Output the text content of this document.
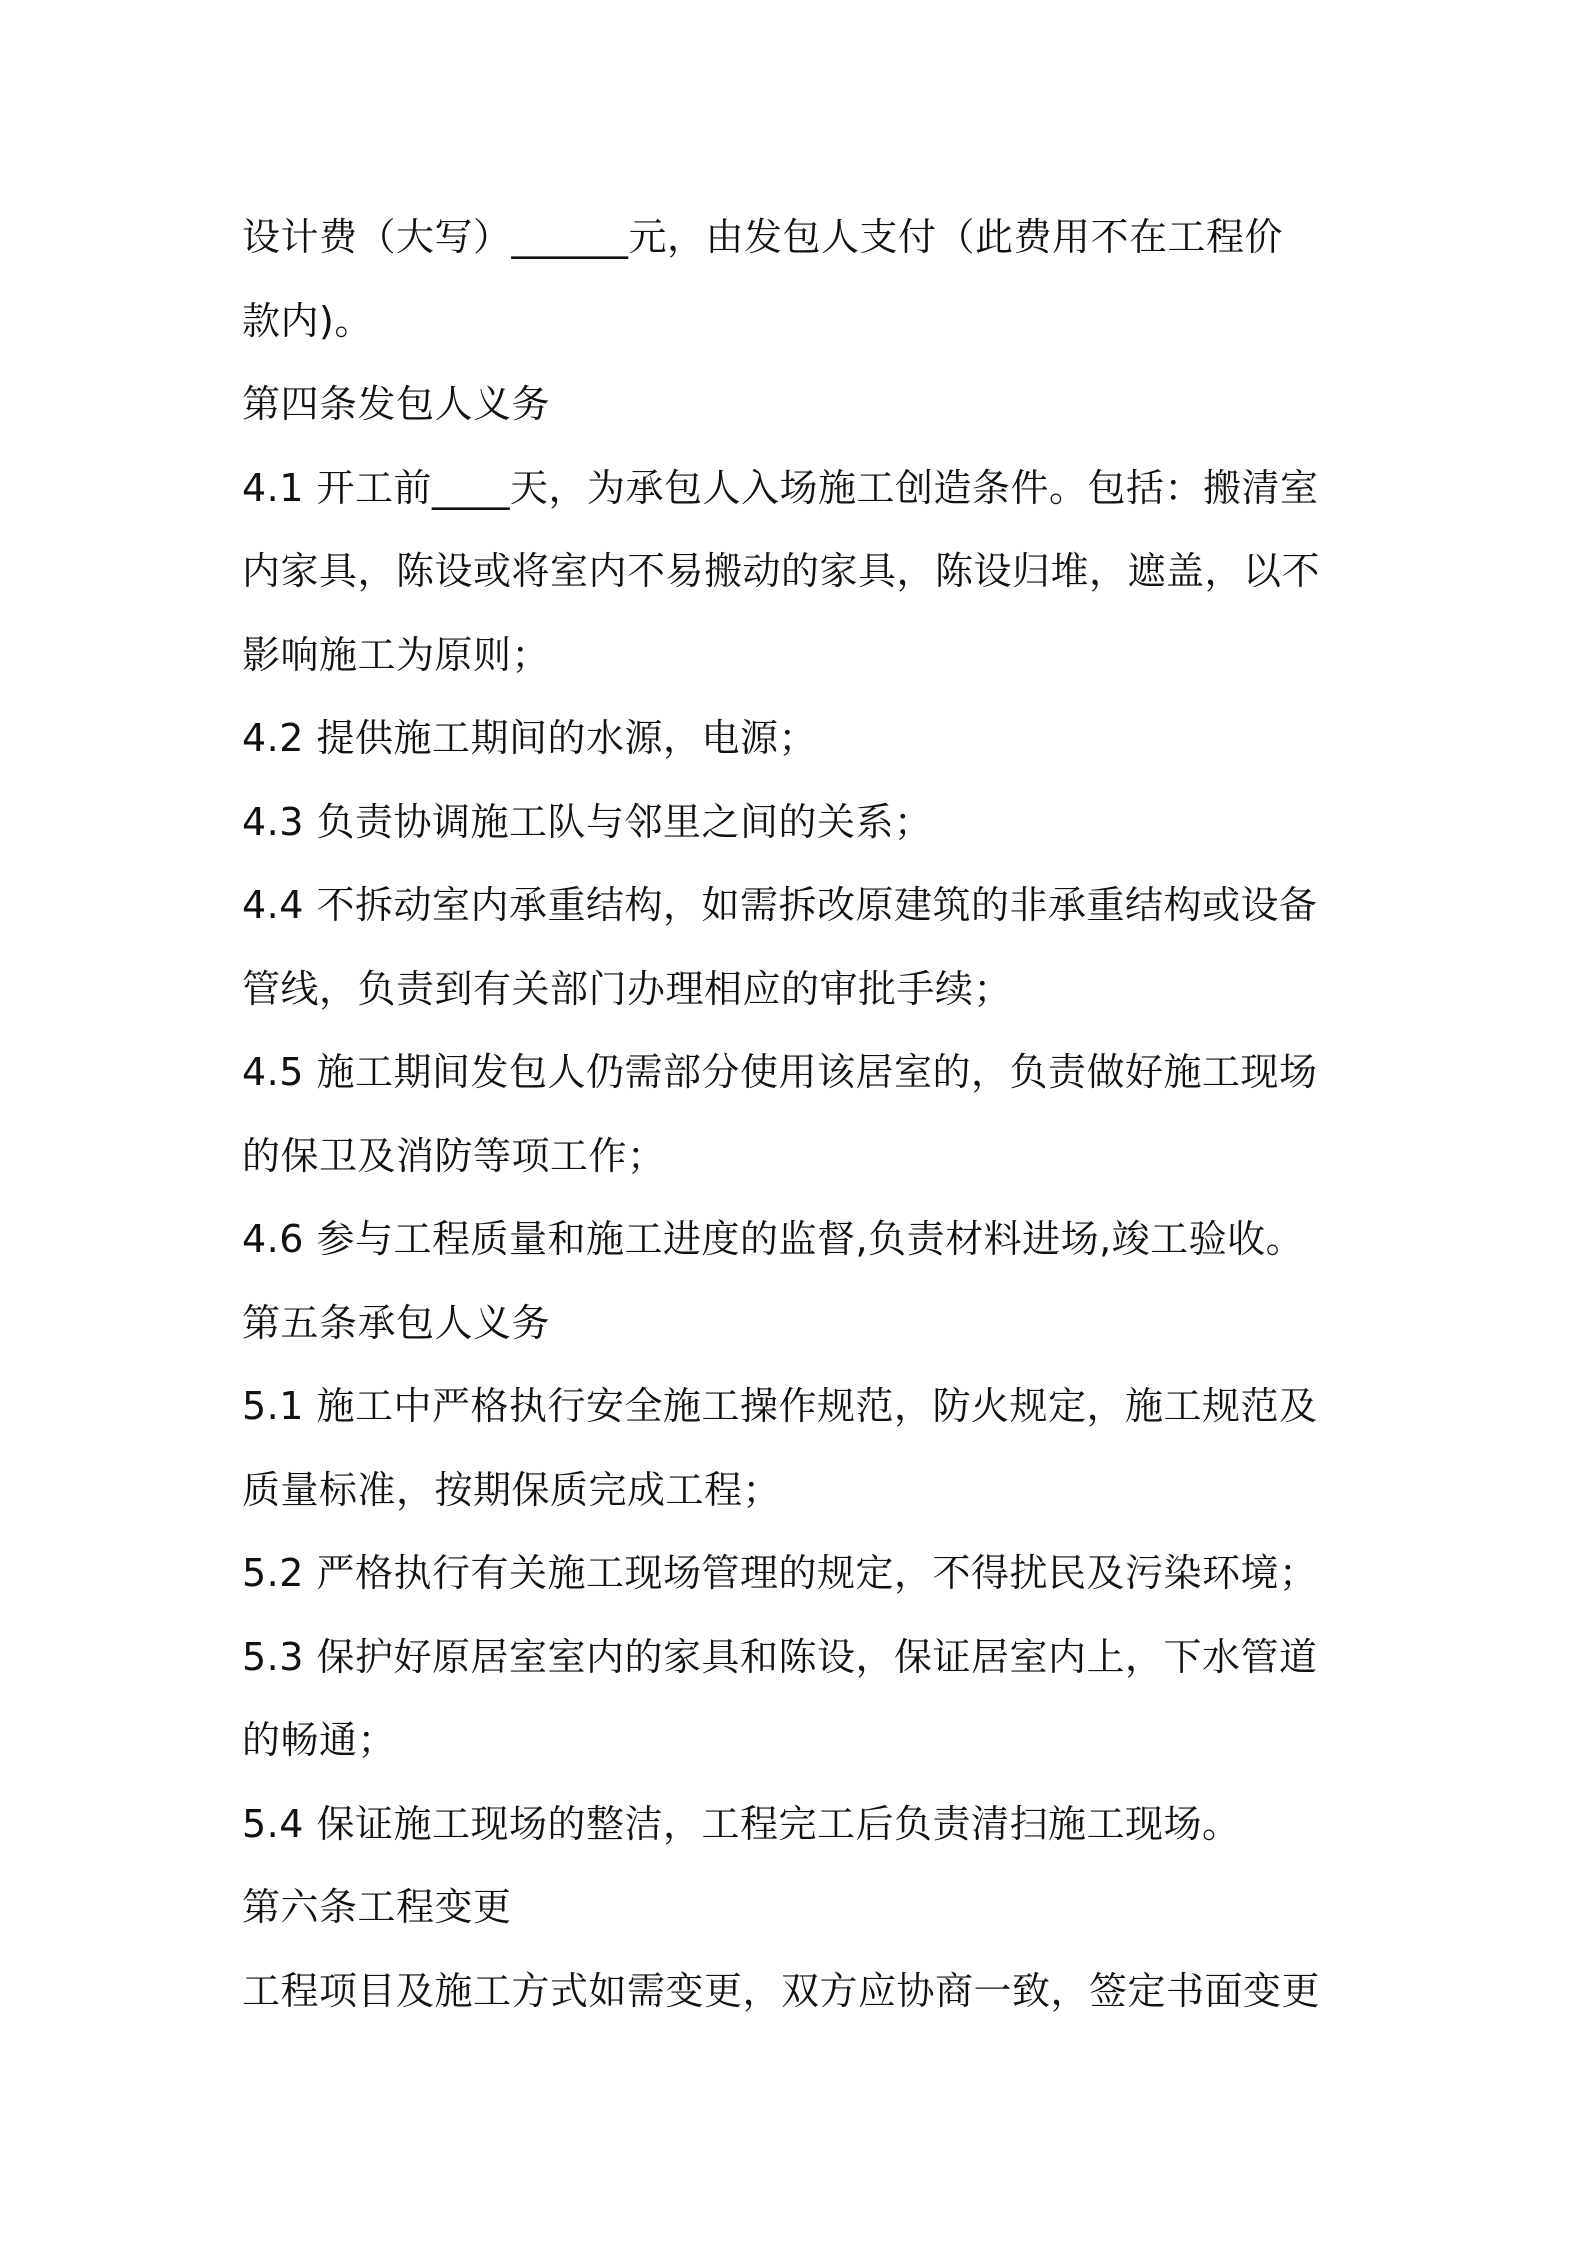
设计费（大写）______元，由发包人支付（此费用不在工程价
款内)。
第四条发包人义务
4.1 开工前____天，为承包人入场施工创造条件。包括：搬清室
内家具，陈设或将室内不易搬动的家具，陈设归堆，遮盖，以不
影响施工为原则；
4.2 提供施工期间的水源，电源；
4.3 负责协调施工队与邻里之间的关系；
4.4 不拆动室内承重结构，如需拆改原建筑的非承重结构或设备
管线，负责到有关部门办理相应的审批手续；
4.5 施工期间发包人仍需部分使用该居室的，负责做好施工现场
的保卫及消防等项工作；
4.6 参与工程质量和施工进度的监督,负责材料进场,竣工验收。
第五条承包人义务
5.1 施工中严格执行安全施工操作规范，防火规定，施工规范及
质量标准，按期保质完成工程；
5.2 严格执行有关施工现场管理的规定，不得扰民及污染环境；
5.3 保护好原居室室内的家具和陈设，保证居室内上，下水管道
的畅通；
5.4 保证施工现场的整洁，工程完工后负责清扫施工现场。
第六条工程变更
工程项目及施工方式如需变更，双方应协商一致，签定书面变更
